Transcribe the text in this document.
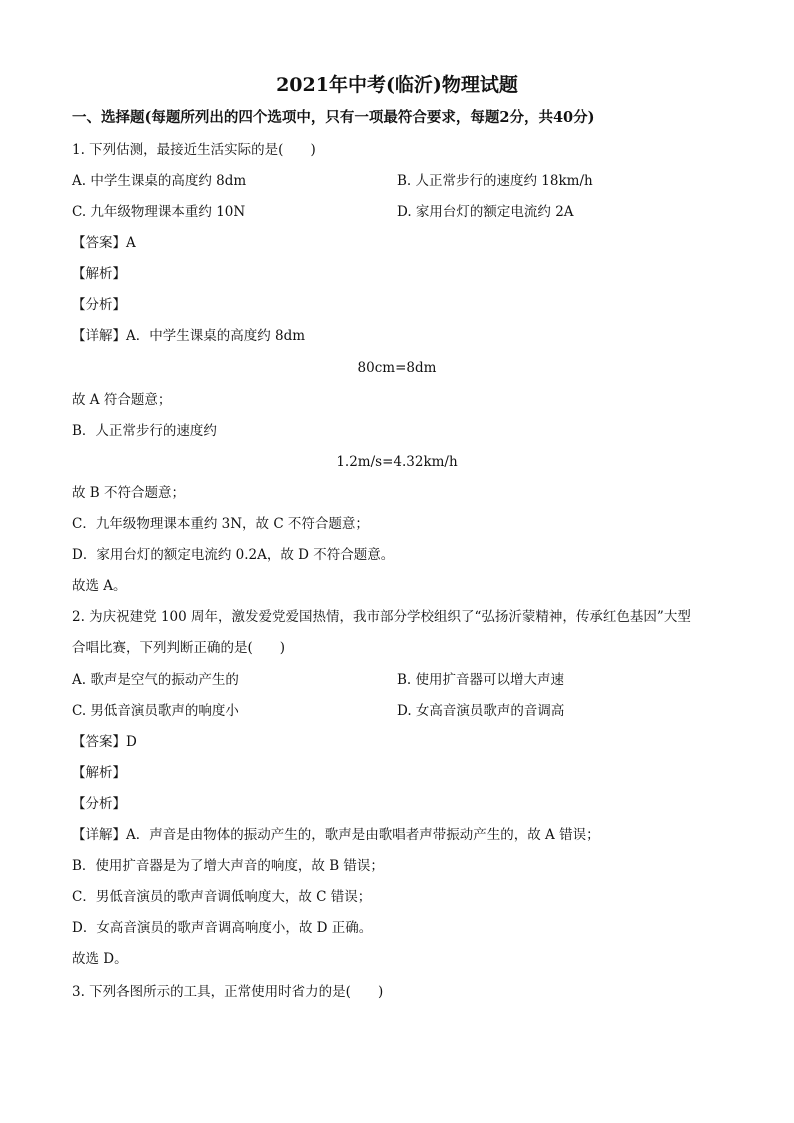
2021年中考(临沂)物理试题
一、选择题(每题所列出的四个选项中，只有一项最符合要求，每题2分，共40分)
1. 下列估测，最接近生活实际的是(　　)
A. 中学生课桌的高度约 8dm	B. 人正常步行的速度约 18km/h
C. 九年级物理课本重约 10N	D. 家用台灯的额定电流约 2A
【答案】A
【解析】
【分析】
【详解】A．中学生课桌的高度约 8dm
80cm=8dm
故 A 符合题意；
B．人正常步行的速度约
1.2m/s=4.32km/h
故 B 不符合题意；
C．九年级物理课本重约 3N，故 C 不符合题意；
D．家用台灯的额定电流约 0.2A，故 D 不符合题意。
故选 A。
2. 为庆祝建党 100 周年，激发爱党爱国热情，我市部分学校组织了“弘扬沂蒙精神，传承红色基因”大型
合唱比赛，下列判断正确的是(　　)
A. 歌声是空气的振动产生的	B. 使用扩音器可以增大声速
C. 男低音演员歌声的响度小	D. 女高音演员歌声的音调高
【答案】D
【解析】
【分析】
【详解】A．声音是由物体的振动产生的，歌声是由歌唱者声带振动产生的，故 A 错误；
B．使用扩音器是为了增大声音的响度，故 B 错误；
C．男低音演员的歌声音调低响度大，故 C 错误；
D．女高音演员的歌声音调高响度小，故 D 正确。
故选 D。
3. 下列各图所示的工具，正常使用时省力的是(　　)
